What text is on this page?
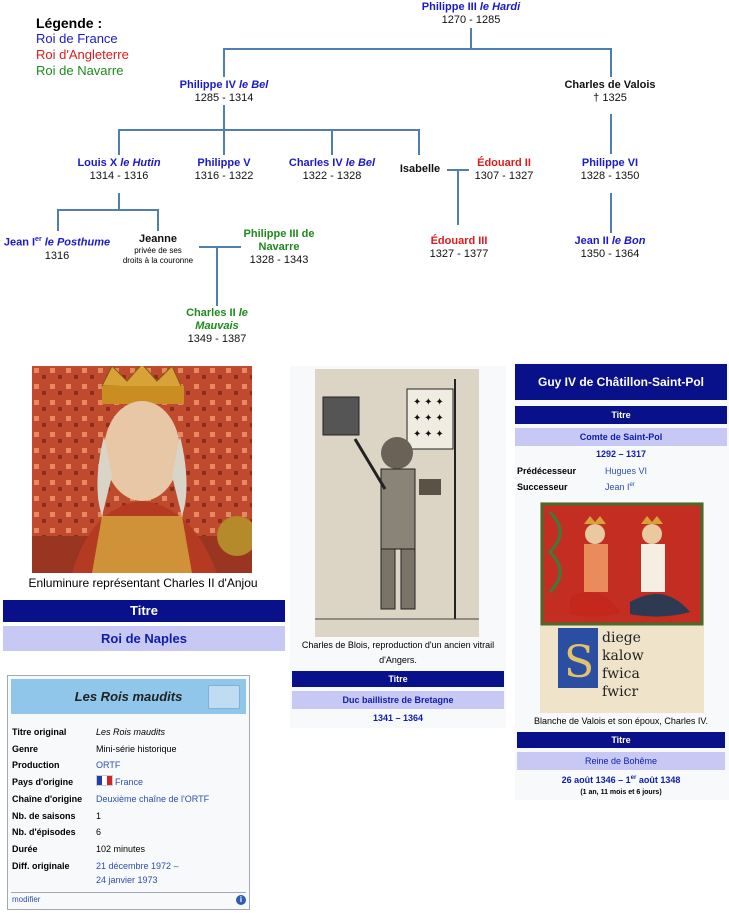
Légende :
Roi de France
Roi d'Angleterre
Roi de Navarre
Philippe III le Hardi
1270 - 1285
Philippe IV le Bel
1285 - 1314
Charles de Valois
† 1325
Louis X le Hutin
1314 - 1316
Philippe V
1316 - 1322
Charles IV le Bel
1322 - 1328
Isabelle	Édouard II
1307 - 1327
Philippe VI
1328 - 1350
Jean Ier le Posthume
1316
Jeanne
privée de ses
droits à la couronne
Philippe III de
Navarre
1328 - 1343
Édouard III
1327 - 1377
Jean II le Bon
1350 - 1364
Charles II le
Mauvais
1349 - 1387
Enluminure représentant Charles II d'Anjou
Titre
Roi de Naples
✦ ✦ ✦
✦ ✦ ✦
✦ ✦ ✦
Charles de Blois, reproduction d'un ancien vitrail
d'Angers.
Titre
Duc baillistre de Bretagne
1341 – 1364
Guy IV de Châtillon-Saint-Pol
Titre
Comte de Saint-Pol
1292 – 1317
Prédécesseur	Hugues VI
Successeur	Jean Ier
S diege
kalow
fwica
fwicr
Blanche de Valois et son époux, Charles IV.
Titre
Reine de Bohême
26 août 1346 – 1er août 1348
(1 an, 11 mois et 6 jours)
Les Rois maudits
Titre original	Les Rois maudits
Genre	Mini-série historique
Production	ORTF
Pays d'origine	France
Chaîne d'origine	Deuxième chaîne de l'ORTF
Nb. de saisons	1
Nb. d'épisodes	6
Durée	102 minutes
Diff. originale	21 décembre 1972 –
24 janvier 1973
modifier	i
